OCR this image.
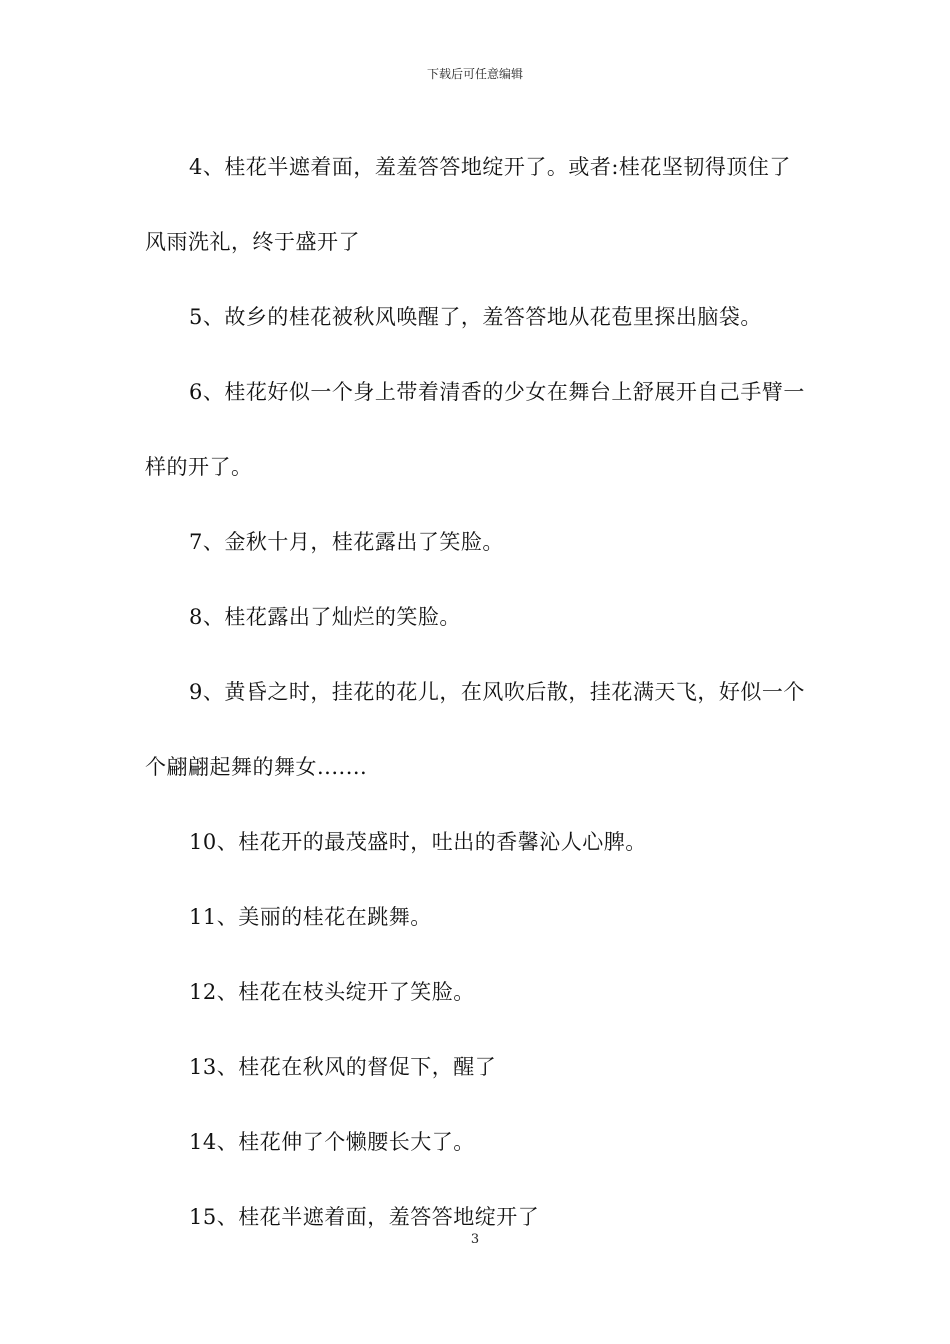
下载后可任意编辑

4、桂花半遮着面，羞羞答答地绽开了。或者:桂花坚韧得顶住了风雨洗礼，终于盛开了

5、故乡的桂花被秋风唤醒了，羞答答地从花苞里探出脑袋。

6、桂花好似一个身上带着清香的少女在舞台上舒展开自己手臂一样的开了。

7、金秋十月，桂花露出了笑脸。

8、桂花露出了灿烂的笑脸。

9、黄昏之时，挂花的花儿，在风吹后散，挂花满天飞，好似一个个翩翩起舞的舞女.......

10、桂花开的最茂盛时，吐出的香馨沁人心脾。

11、美丽的桂花在跳舞。

12、桂花在枝头绽开了笑脸。

13、桂花在秋风的督促下，醒了

14、桂花伸了个懒腰长大了。

15、桂花半遮着面，羞答答地绽开了

3
